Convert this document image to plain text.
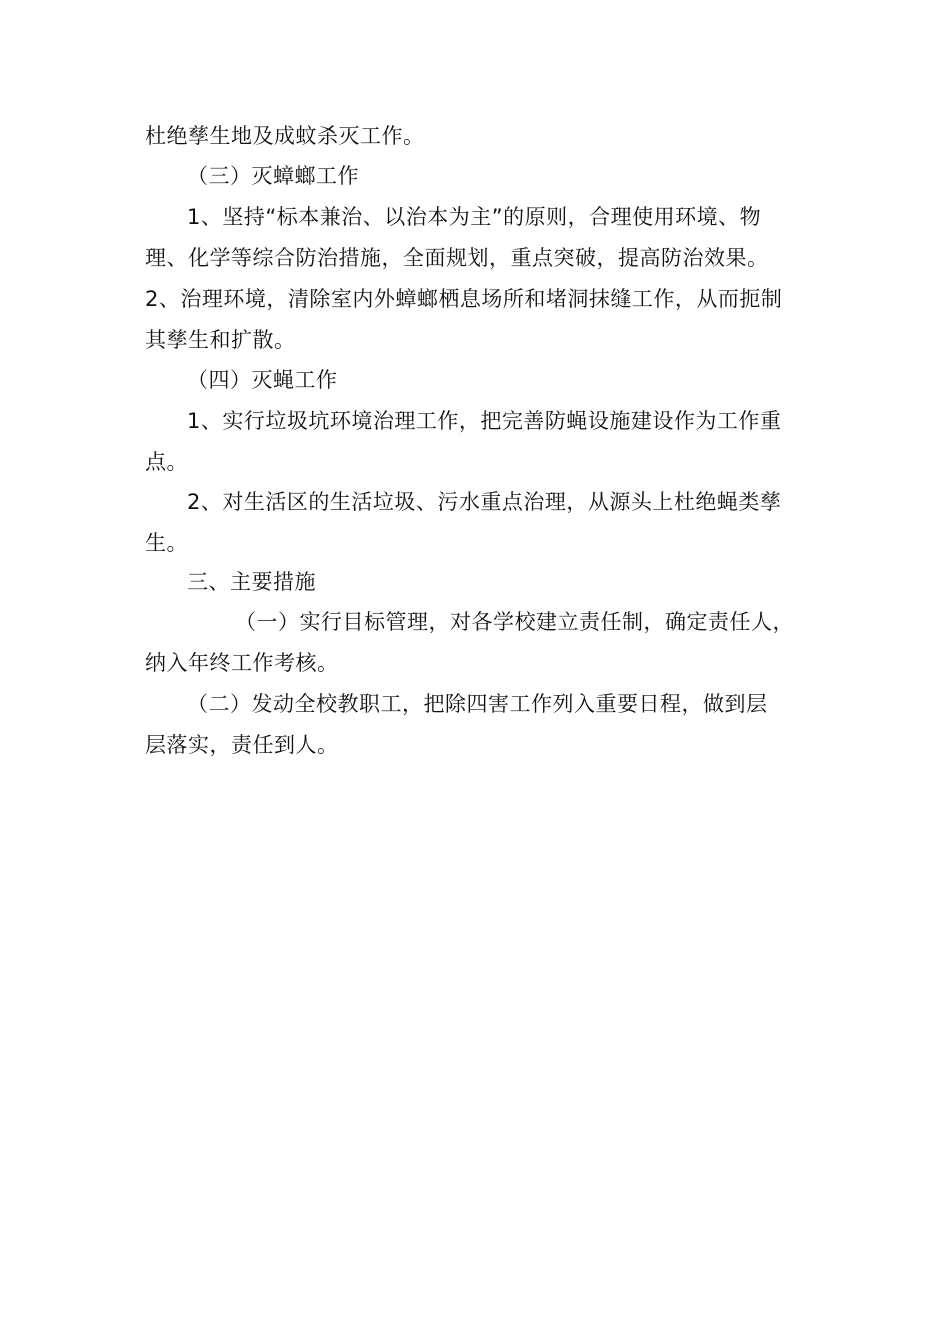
杜绝孳生地及成蚊杀灭工作。
（三）灭蟑螂工作
1、坚持“标本兼治、以治本为主”的原则，合理使用环境、物
理、化学等综合防治措施，全面规划，重点突破，提高防治效果。
2、治理环境，清除室内外蟑螂栖息场所和堵洞抹缝工作，从而扼制
其孳生和扩散。
（四）灭蝇工作
1、实行垃圾坑环境治理工作，把完善防蝇设施建设作为工作重
点。
2、对生活区的生活垃圾、污水重点治理，从源头上杜绝蝇类孳
生。
三、主要措施
（一）实行目标管理，对各学校建立责任制，确定责任人，
纳入年终工作考核。
（二）发动全校教职工，把除四害工作列入重要日程，做到层
层落实，责任到人。
